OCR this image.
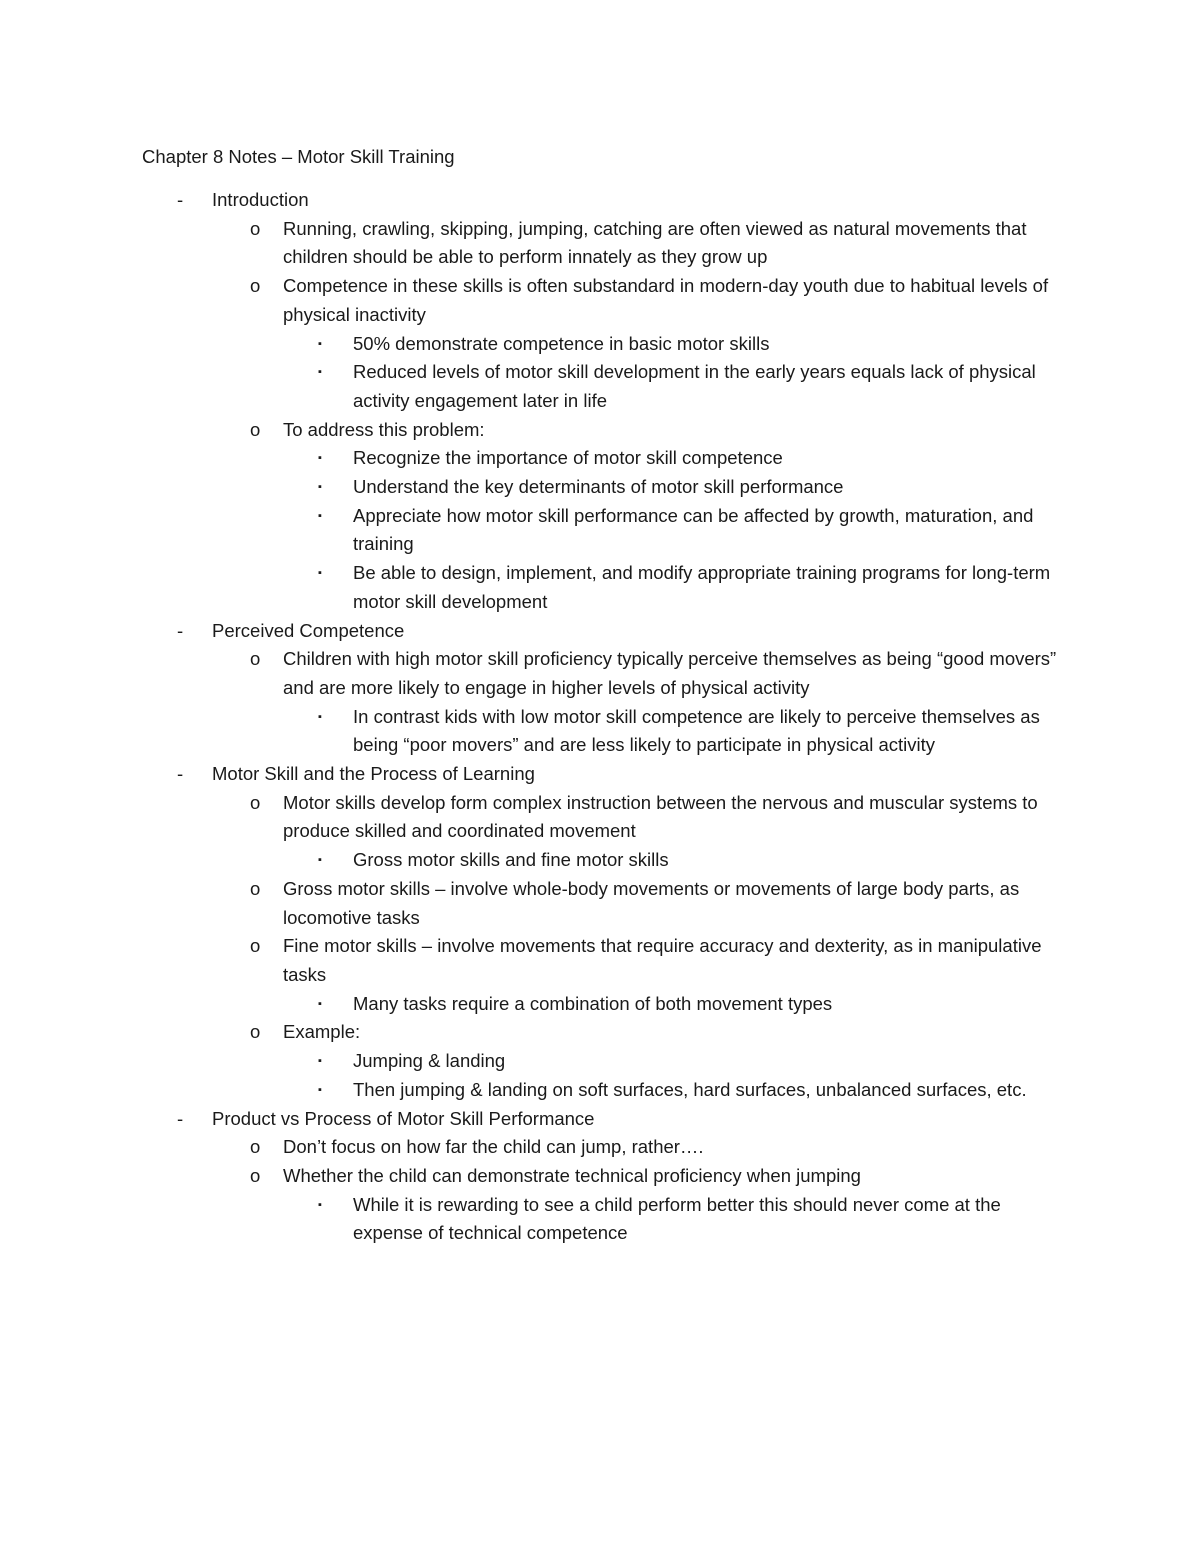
Chapter 8 Notes – Motor Skill Training
- Introduction
o Running, crawling, skipping, jumping, catching are often viewed as natural movements that children should be able to perform innately as they grow up
o Competence in these skills is often substandard in modern-day youth due to habitual levels of physical inactivity
▪ 50% demonstrate competence in basic motor skills
▪ Reduced levels of motor skill development in the early years equals lack of physical activity engagement later in life
o To address this problem:
▪ Recognize the importance of motor skill competence
▪ Understand the key determinants of motor skill performance
▪ Appreciate how motor skill performance can be affected by growth, maturation, and training
▪ Be able to design, implement, and modify appropriate training programs for long-term motor skill development
- Perceived Competence
o Children with high motor skill proficiency typically perceive themselves as being “good movers” and are more likely to engage in higher levels of physical activity
▪ In contrast kids with low motor skill competence are likely to perceive themselves as being “poor movers” and are less likely to participate in physical activity
- Motor Skill and the Process of Learning
o Motor skills develop form complex instruction between the nervous and muscular systems to produce skilled and coordinated movement
▪ Gross motor skills and fine motor skills
o Gross motor skills – involve whole-body movements or movements of large body parts, as locomotive tasks
o Fine motor skills – involve movements that require accuracy and dexterity, as in manipulative tasks
▪ Many tasks require a combination of both movement types
o Example:
▪ Jumping & landing
▪ Then jumping & landing on soft surfaces, hard surfaces, unbalanced surfaces, etc.
- Product vs Process of Motor Skill Performance
o Don’t focus on how far the child can jump, rather….
o Whether the child can demonstrate technical proficiency when jumping
▪ While it is rewarding to see a child perform better this should never come at the expense of technical competence
